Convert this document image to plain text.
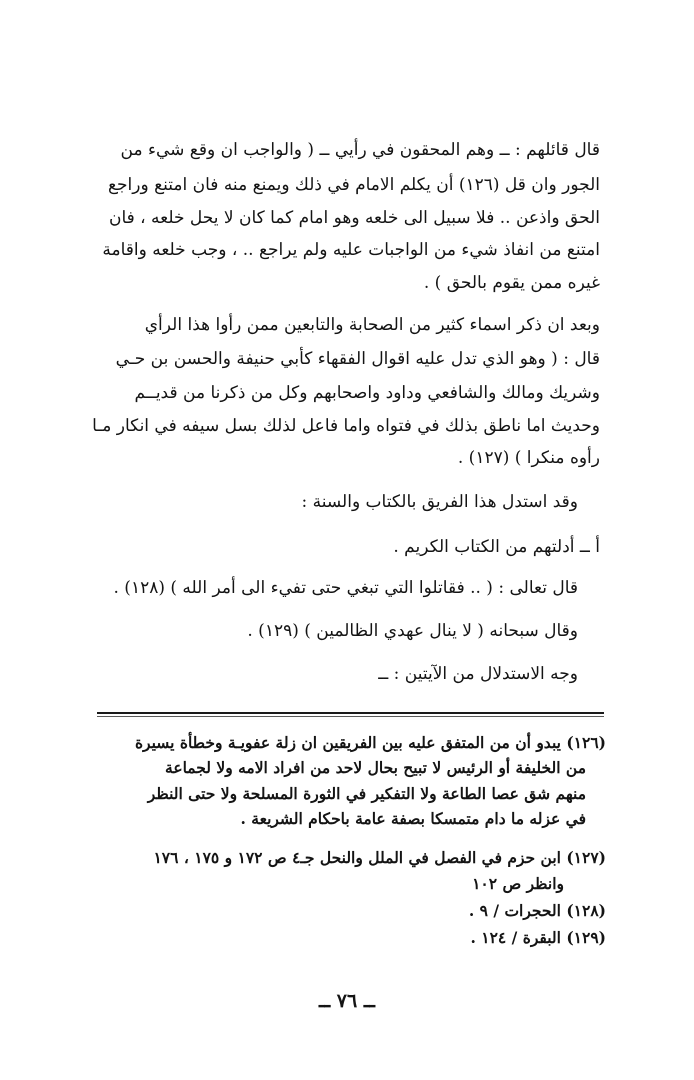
قال قائلهم : ــ وهم المحقون في رأيي ــ ( والواجب ان وقع شيء من
الجور وان قل (١٢٦) أن يكلم الامام في ذلك ويمنع منه فان امتنع وراجع
الحق واذعن .. فلا سبيل الى خلعه وهو امام كما كان لا يحل خلعه ، فان
امتنع من انفاذ شيء من الواجبات عليه ولم يراجع .. ، وجب خلعه واقامة
غيره ممن يقوم بالحق ) .
وبعد ان ذكر اسماء كثير من الصحابة والتابعين ممن رأوا هذا الرأي
قال : ( وهو الذي تدل عليه اقوال الفقهاء كأبي حنيفة والحسن بن حـي
وشريك ومالك والشافعي وداود واصحابهم وكل من ذكرنا من قديــم
وحديث اما ناطق بذلك في فتواه واما فاعل لذلك بسل سيفه في انكار مـا
رأوه منكرا ) (١٢٧) .
وقد استدل هذا الفريق بالكتاب والسنة :
أ ــ أدلتهم من الكتاب الكريم .
قال تعالى : ( .. فقاتلوا التي تبغي حتى تفيء الى أمر الله ) (١٢٨) .
وقال سبحانه ( لا ينال عهدي الظالمين ) (١٢٩) .
وجه الاستدلال من الآيتين : ــ
(١٢٦) يبدو أن من المتفق عليه بين الفريقين ان زلة عفويـة وخطأة يسيرة
من الخليفة أو الرئيس لا تبيح بحال لاحد من افراد الامه ولا لجماعة
منهم شق عصا الطاعة ولا التفكير في الثورة المسلحة ولا حتى النظر
في عزله ما دام متمسكا بصفة عامة باحكام الشريعة .
(١٢٧) ابن حزم في الفصل في الملل والنحل جـ٤ ص ١٧٢ و ١٧٥ ، ١٧٦
وانظر ص ١٠٢
(١٢٨) الحجرات / ٩ .
(١٢٩) البقرة / ١٢٤ .
ــ ٧٦ ــ
